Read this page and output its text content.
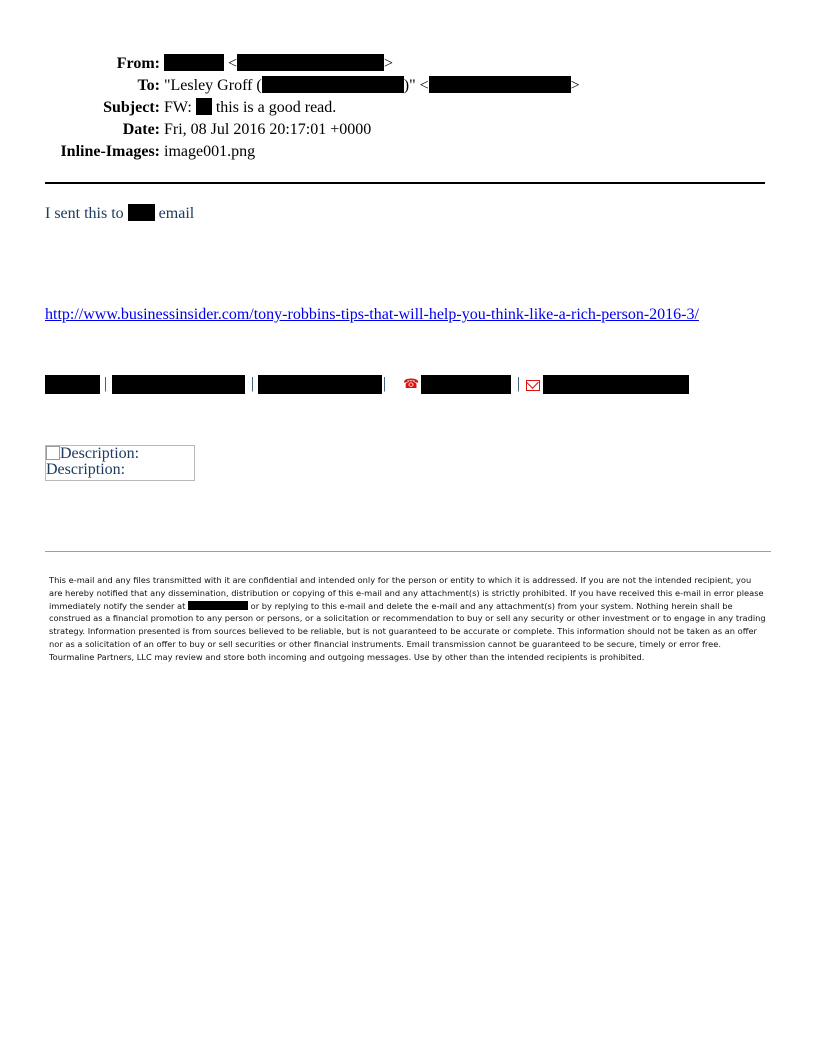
From:	<	>
To: "Lesley Groff (	)" <	>
Subject: FW: this is a good read.
Date: Fri, 08 Jul 2016 20:17:01 +0000
Inline-Images: image001.png
I sent this to email
http://www.businessinsider.com/tony-robbins-tips-that-will-help-you-think-like-a-rich-person-2016-3/
|	|	| ☎	|
Description:
Description:
This e-mail and any files transmitted with it are confidential and intended only for the person or entity to which it is addressed. If you are not the intended recipient, you are hereby notified that any dissemination, distribution or copying of this e-mail and any attachment(s) is strictly prohibited. If you have received this e-mail in error please immediately notify the sender at	or by replying to this e-mail and delete the e-mail and any attachment(s) from your system. Nothing herein shall be construed as a financial promotion to any person or persons, or a solicitation or recommendation to buy or sell any security or other investment or to engage in any trading strategy. Information presented is from sources believed to be reliable, but is not guaranteed to be accurate or complete. This information should not be taken as an offer nor as a solicitation of an offer to buy or sell securities or other financial instruments. Email transmission cannot be guaranteed to be secure, timely or error free. Tourmaline Partners, LLC may review and store both incoming and outgoing messages. Use by other than the intended recipients is prohibited.
